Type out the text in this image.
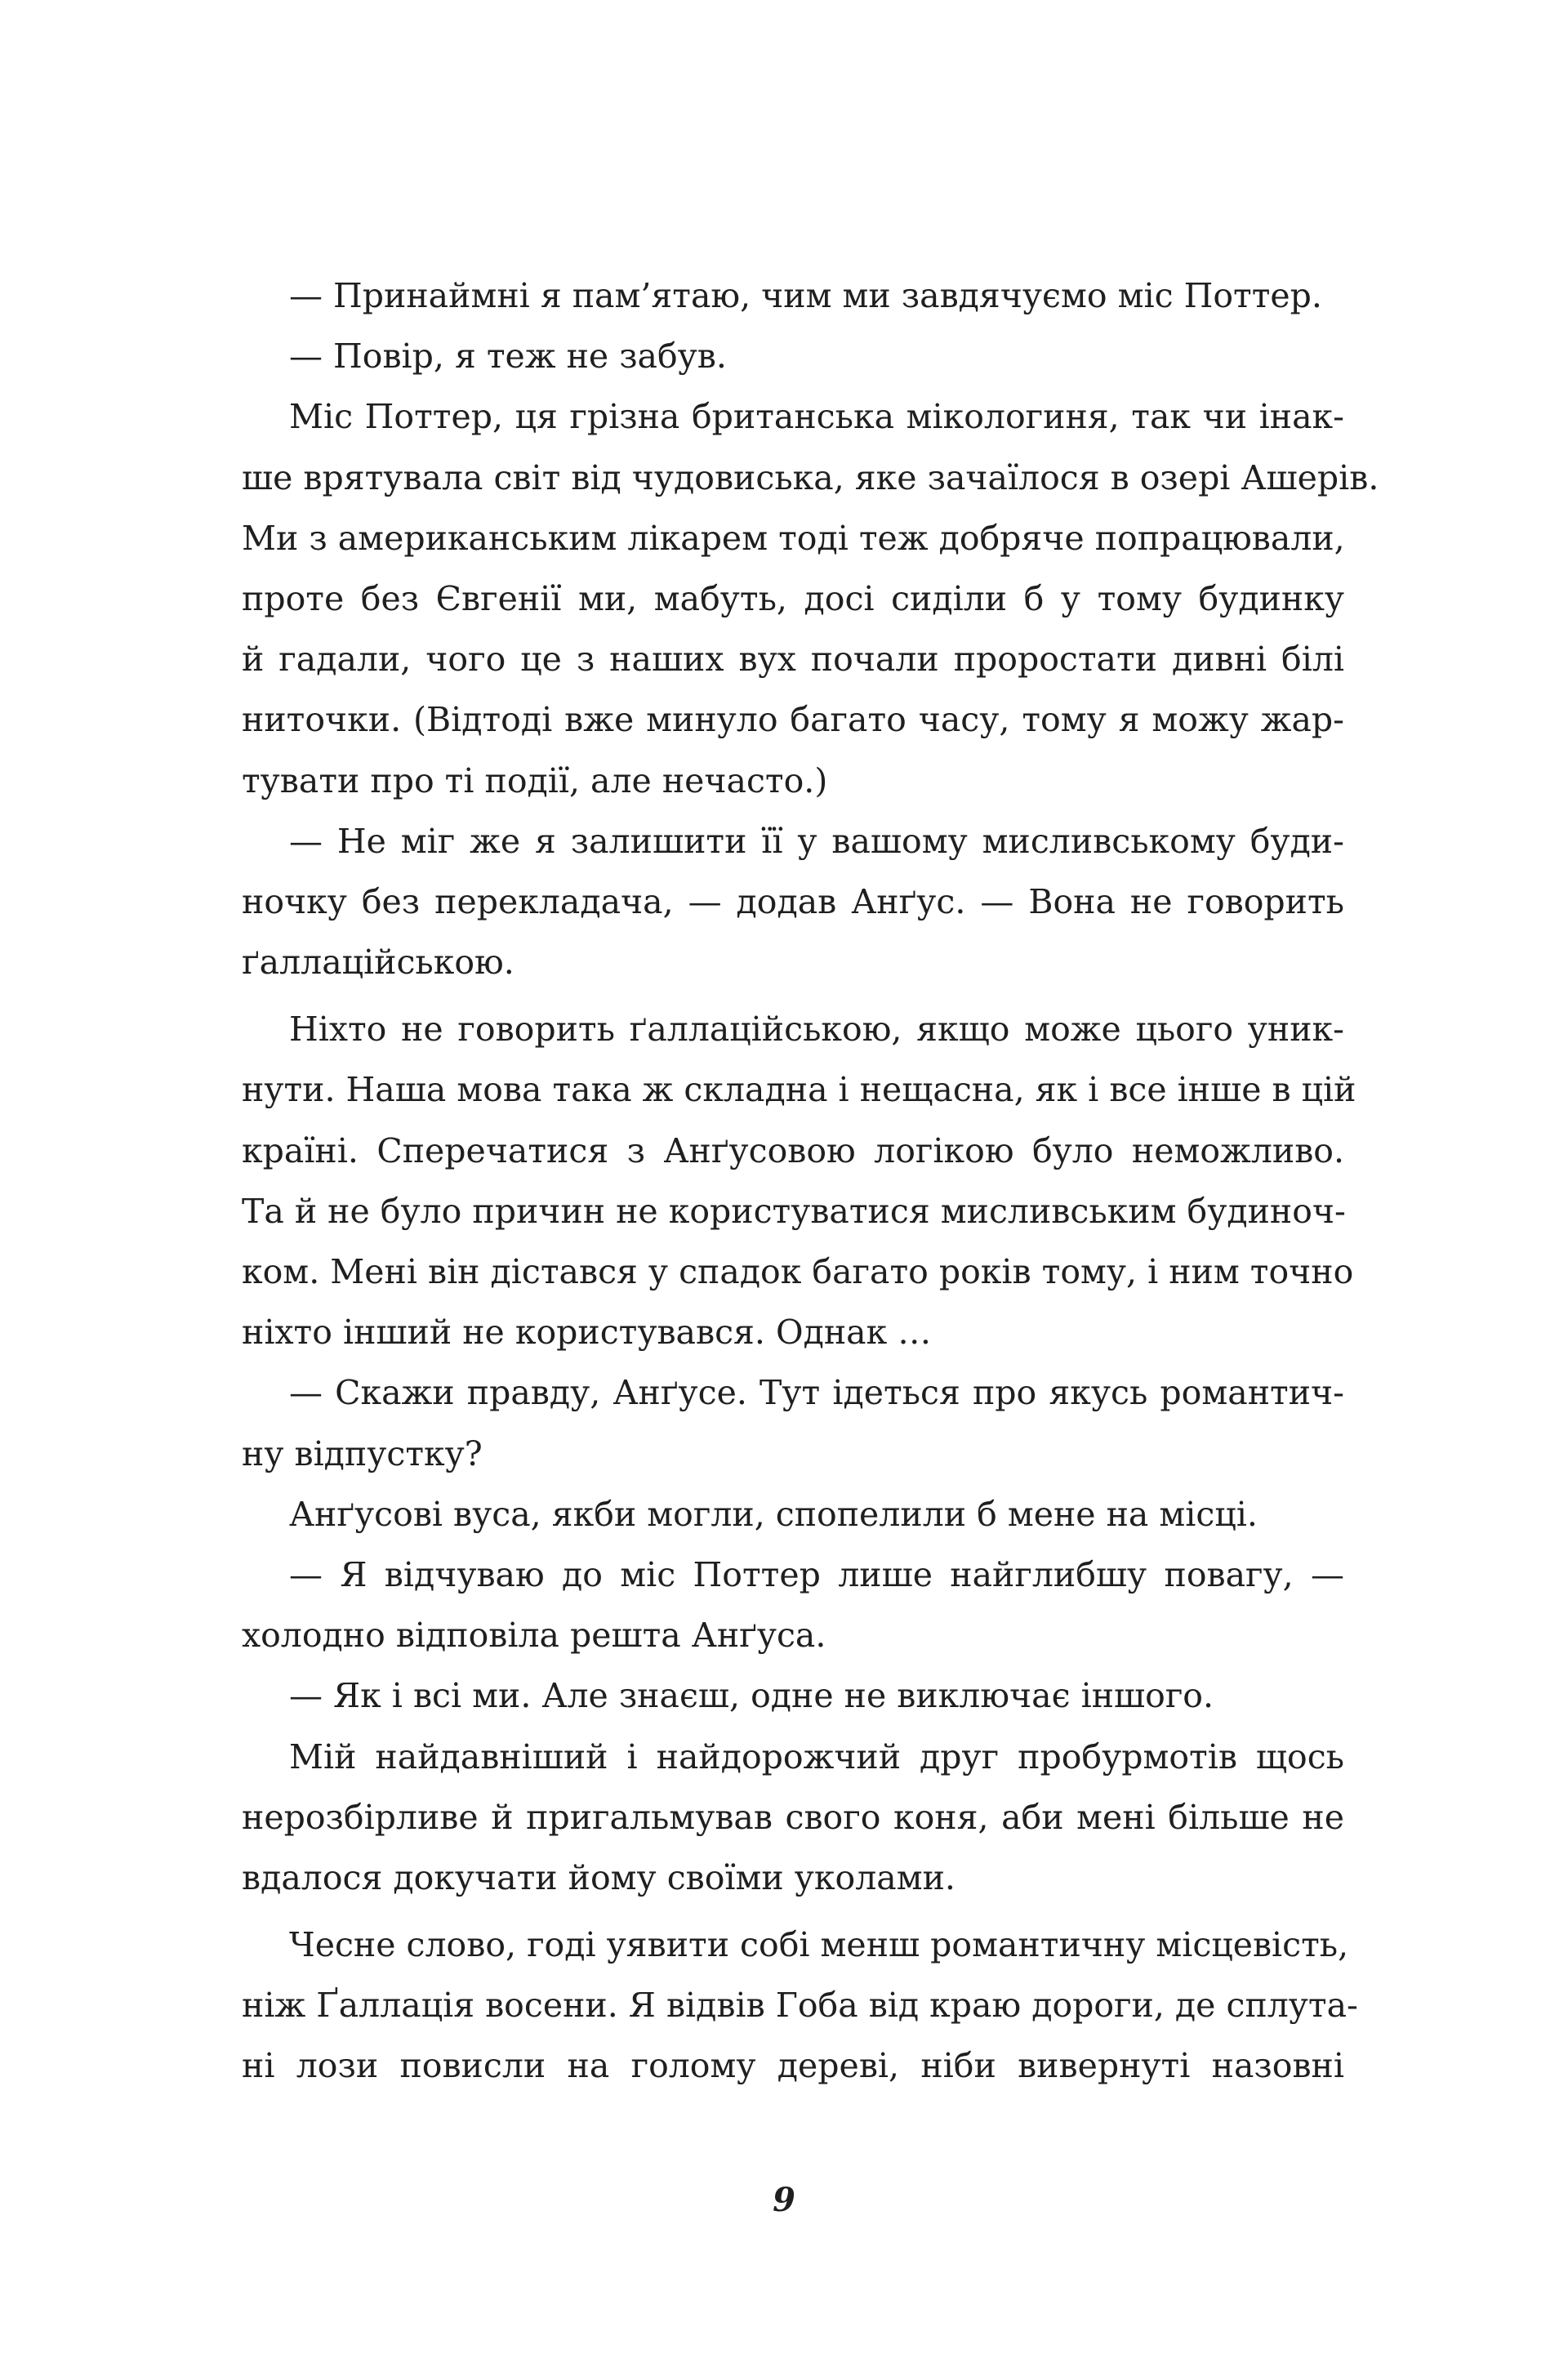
— Принаймні я пам’ятаю, чим ми завдячуємо міс Поттер.
— Повір, я теж не забув.
Міс Поттер, ця грізна британська мікологиня, так чи інак-
ше врятувала світ від чудовиська, яке зачаїлося в озері Ашерів.
Ми з американським лікарем тоді теж добряче попрацювали,
проте без Євгенії ми, мабуть, досі сиділи б у тому будинку
й гадали, чого це з наших вух почали проростати дивні білі
ниточки. (Відтоді вже минуло багато часу, тому я можу жар-
тувати про ті події, але нечасто.)
— Не міг же я залишити її у вашому мисливському буди-
ночку без перекладача, — додав Анґус. — Вона не говорить
ґаллаційською.
Ніхто не говорить ґаллаційською, якщо може цього уник-
нути. Наша мова така ж складна і нещасна, як і все інше в цій
країні. Сперечатися з Анґусовою логікою було неможливо.
Та й не було причин не користуватися мисливським будиноч-
ком. Мені він дістався у спадок багато років тому, і ним точно
ніхто інший не користувався. Однак …
— Скажи правду, Анґусе. Тут ідеться про якусь романтич-
ну відпустку?
Анґусові вуса, якби могли, спопелили б мене на місці.
— Я відчуваю до міс Поттер лише найглибшу повагу, —
холодно відповіла решта Анґуса.
— Як і всі ми. Але знаєш, одне не виключає іншого.
Мій найдавніший і найдорожчий друг пробурмотів щось
нерозбірливе й пригальмував свого коня, аби мені більше не
вдалося докучати йому своїми уколами.
Чесне слово, годі уявити собі менш романтичну місцевість,
ніж Ґаллація восени. Я відвів Гоба від краю дороги, де сплута-
ні лози повисли на голому дереві, ніби вивернуті назовні
9
